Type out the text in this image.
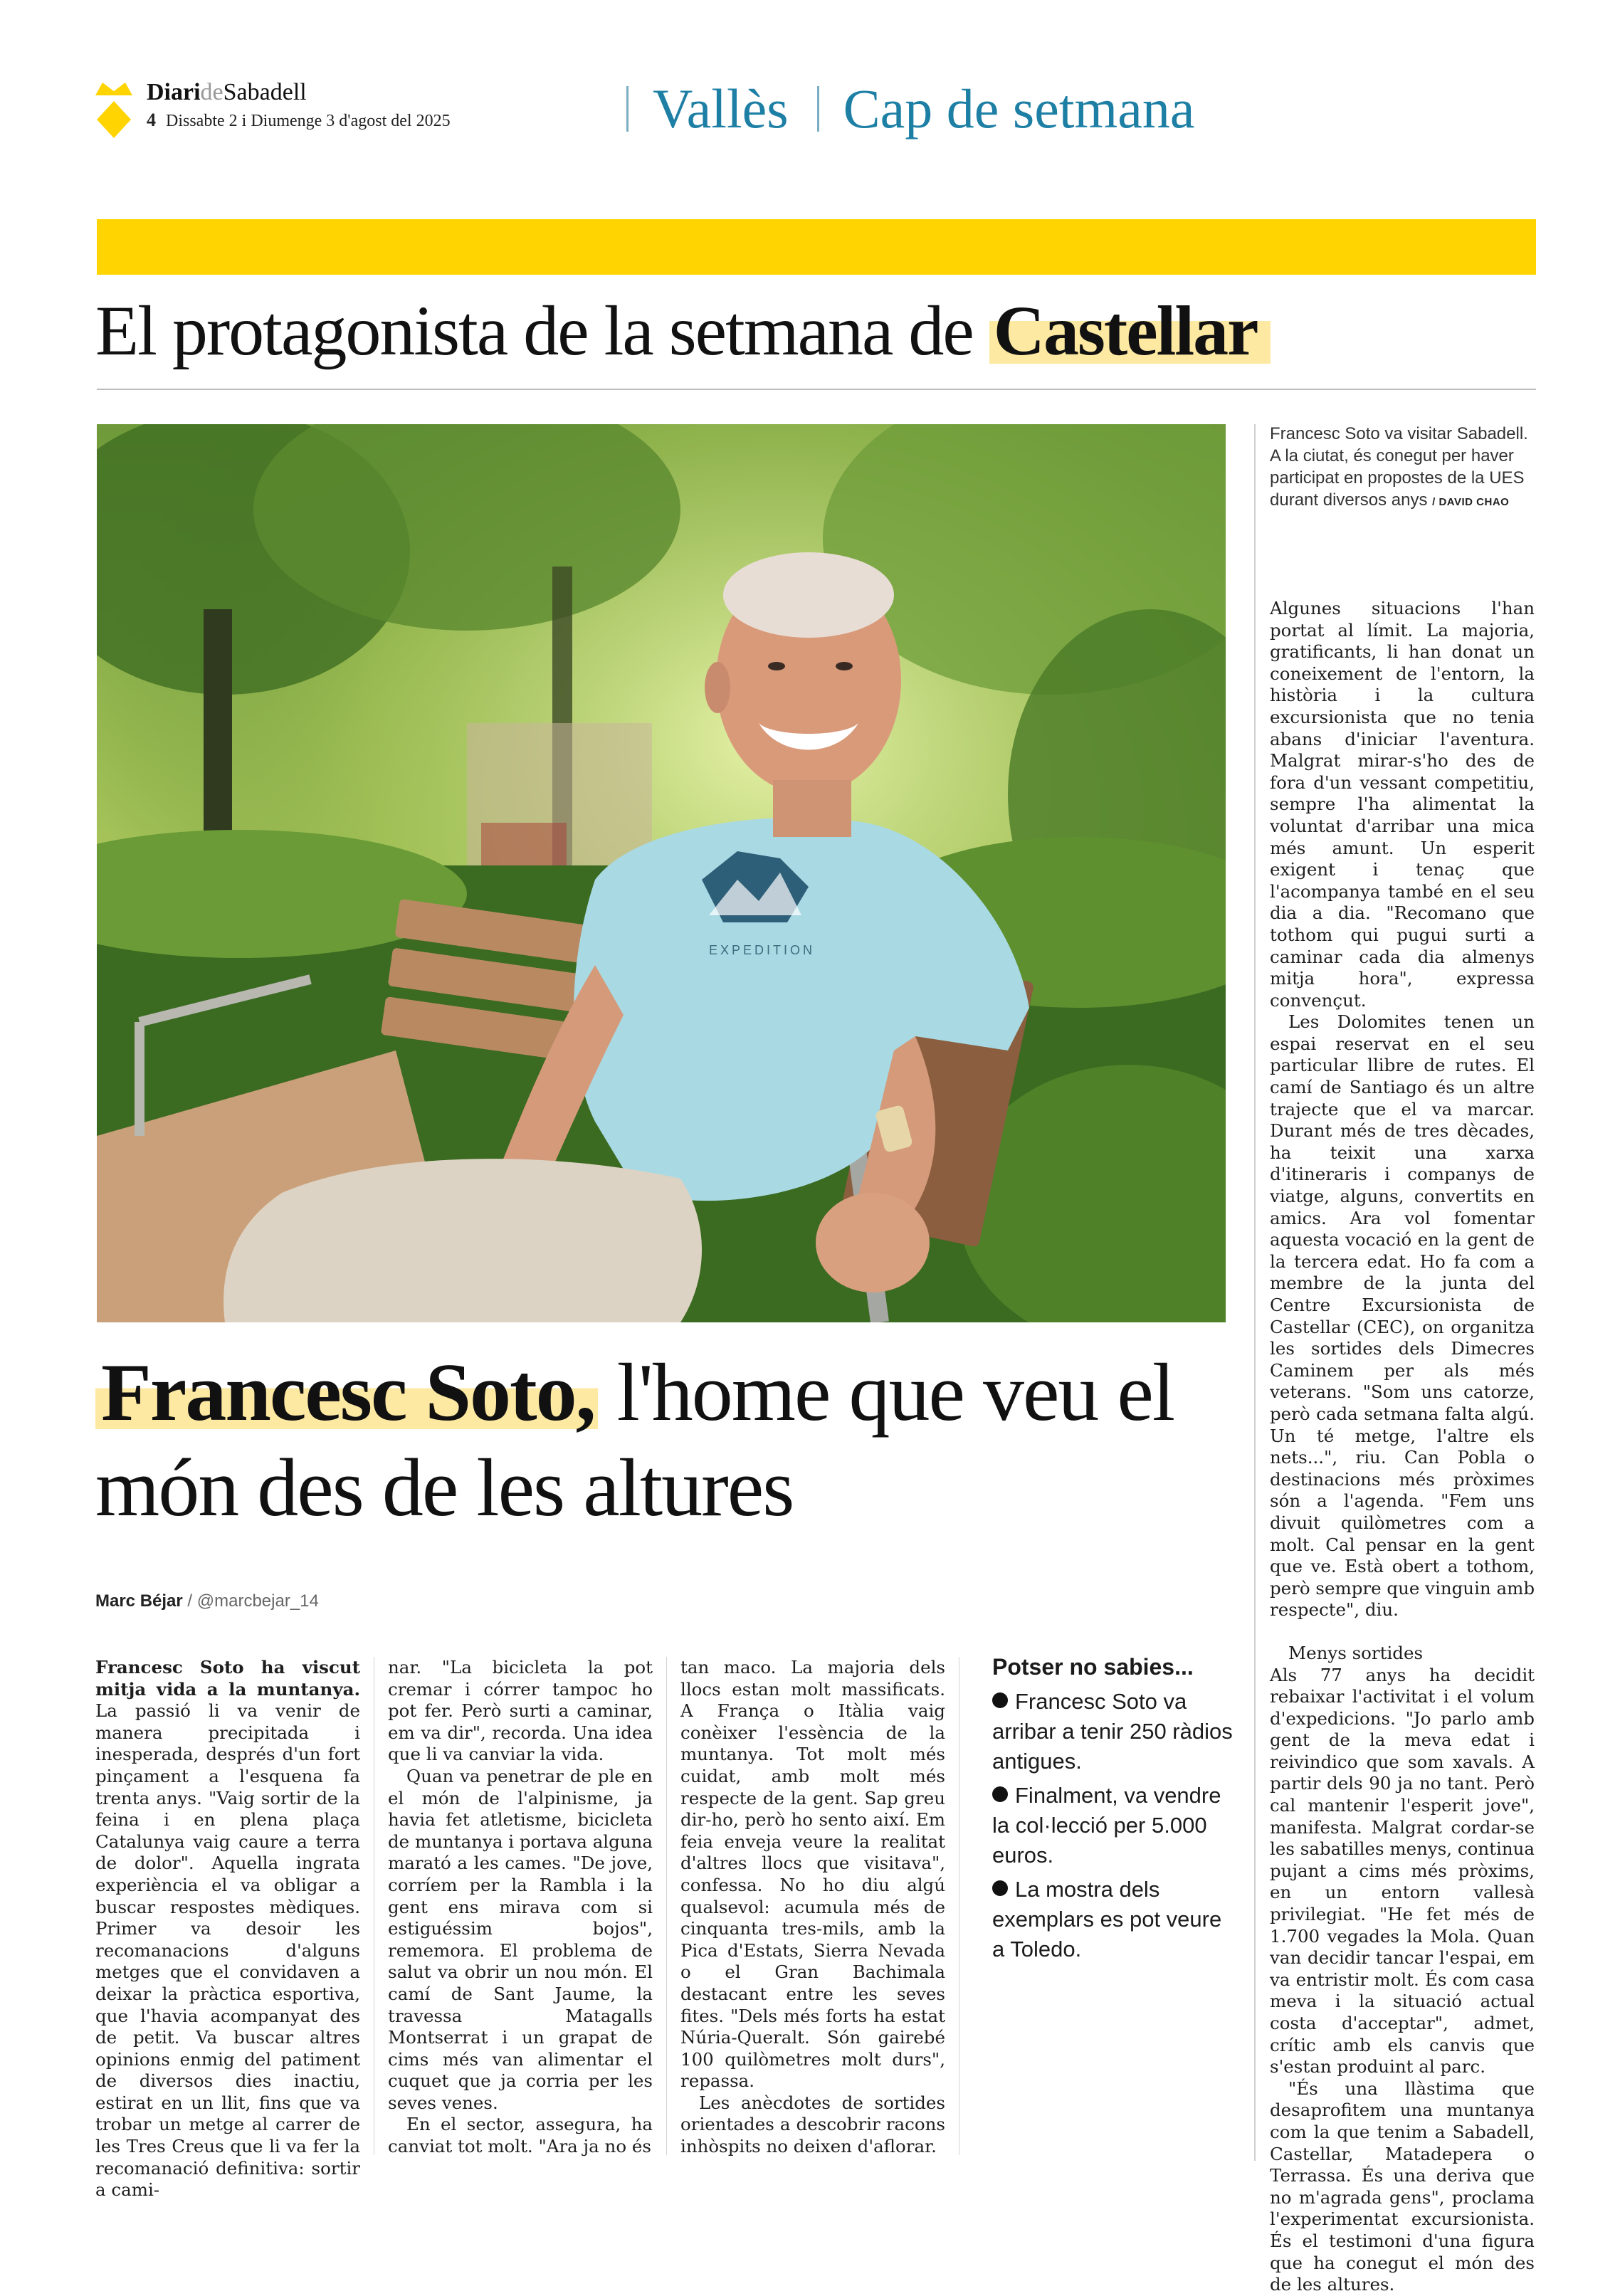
DiarideSabadell
4 Dissabte 2 i Diumenge 3 d'agost del 2025	Vallès Cap de setmana
El protagonista de la setmana de Castellar
EXPEDITION
Francesc Soto va visitar Sabadell. A la ciutat, és conegut per haver participat en propostes de la UES durant diversos anys / DAVID CHAO
Francesc Soto, l'home que veu el món des de les altures
Marc Béjar / @marcbejar_14

Francesc Soto ha viscut mitja vida a la muntanya. La passió li va venir de manera precipitada i inesperada, després d'un fort pinçament a l'esquena fa trenta anys. "Vaig sortir de la feina i en plena plaça Catalunya vaig caure a terra de dolor". Aquella ingrata experiència el va obligar a buscar respostes mèdiques. Primer va desoir les recomanacions d'alguns metges que el convidaven a deixar la pràctica esportiva, que l'havia acompanyat des de petit. Va buscar altres opinions enmig del patiment de diversos dies inactiu, estirat en un llit, fins que va trobar un metge al carrer de les Tres Creus que li va fer la recomanació definitiva: sortir a cami-

nar. "La bicicleta la pot cremar i córrer tampoc ho pot fer. Però surti a caminar, em va dir", recorda. Una idea que li va canviar la vida.

Quan va penetrar de ple en el món de l'alpinisme, ja havia fet atletisme, bicicleta de muntanya i portava alguna marató a les cames. "De jove, corríem per la Rambla i la gent ens mirava com si estiguéssim bojos", rememora. El problema de salut va obrir un nou món. El camí de Sant Jaume, la travessa Matagalls Montserrat i un grapat de cims més van alimentar el cuquet que ja corria per les seves venes.

En el sector, assegura, ha canviat tot molt. "Ara ja no és

tan maco. La majoria dels llocs estan molt massificats. A França o Itàlia vaig conèixer l'essència de la muntanya. Tot molt més cuidat, amb molt més respecte de la gent. Sap greu dir-ho, però ho sento així. Em feia enveja veure la realitat d'altres llocs que visitava", confessa. No ho diu algú qualsevol: acumula més de cinquanta tres-mils, amb la Pica d'Estats, Sierra Nevada o el Gran Bachimala destacant entre les seves fites. "Dels més forts ha estat Núria-Queralt. Són gairebé 100 quilòmetres molt durs", repassa.

Les anècdotes de sortides orientades a descobrir racons inhòspits no deixen d'aflorar.

Potser no sabies...
Francesc Soto va arribar a tenir 250 ràdios antigues.
Finalment, va vendre la col·lecció per 5.000 euros.
La mostra dels exemplars es pot veure a Toledo.

Algunes situacions l'han portat al límit. La majoria, gratificants, li han donat un coneixement de l'entorn, la història i la cultura excursionista que no tenia abans d'iniciar l'aventura. Malgrat mirar-s'ho des de fora d'un vessant competitiu, sempre l'ha alimentat la voluntat d'arribar una mica més amunt. Un esperit exigent i tenaç que l'acompanya també en el seu dia a dia. "Recomano que tothom qui pugui surti a caminar cada dia almenys mitja hora", expressa convençut.

Les Dolomites tenen un espai reservat en el seu particular llibre de rutes. El camí de Santiago és un altre trajecte que el va marcar. Durant més de tres dècades, ha teixit una xarxa d'itineraris i companys de viatge, alguns, convertits en amics. Ara vol fomentar aquesta vocació en la gent de la tercera edat. Ho fa com a membre de la junta del Centre Excursionista de Castellar (CEC), on organitza les sortides dels Dimecres Caminem per als més veterans. "Som uns catorze, però cada setmana falta algú. Un té metge, l'altre els nets...", riu. Can Pobla o destinacions més pròximes són a l'agenda. "Fem uns divuit quilòmetres com a molt. Cal pensar en la gent que ve. Està obert a tothom, però sempre que vinguin amb respecte", diu.

Menys sortides

Als 77 anys ha decidit rebaixar l'activitat i el volum d'expedicions. "Jo parlo amb gent de la meva edat i reivindico que som xavals. A partir dels 90 ja no tant. Però cal mantenir l'esperit jove", manifesta. Malgrat cordar-se les sabatilles menys, continua pujant a cims més pròxims, en un entorn vallesà privilegiat. "He fet més de 1.700 vegades la Mola. Quan van decidir tancar l'espai, em va entristir molt. És com casa meva i la situació actual costa d'acceptar", admet, crític amb els canvis que s'estan produint al parc.

"És una llàstima que desaprofitem una muntanya com la que tenim a Sabadell, Castellar, Matadepera o Terrassa. És una deriva que no m'agrada gens", proclama l'experimentat excursionista. És el testimoni d'una figura que ha conegut el món des de les altures.
